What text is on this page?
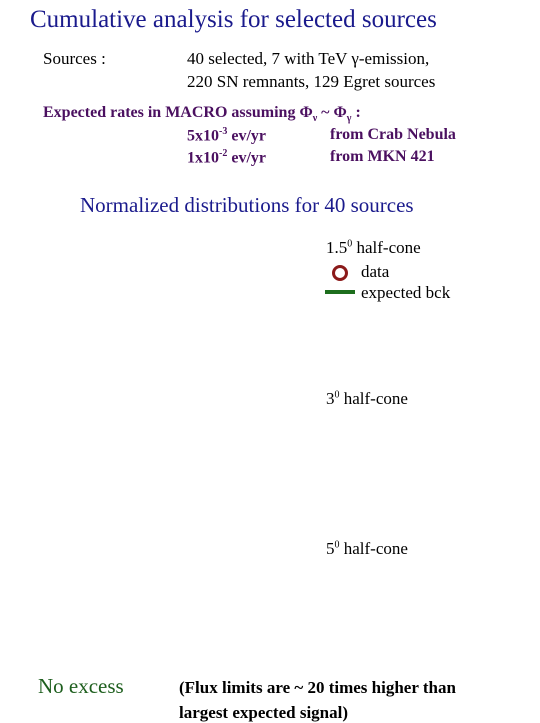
Cumulative analysis for selected sources
Sources :	40 selected, 7 with TeV γ-emission,
220 SN remnants, 129 Egret sources
Expected rates in MACRO assuming $\Phi_\nu$ ~ $\Phi_\gamma$ :
$5x10^{-3}$ ev/yr	from Crab Nebula
$1x10^{-2}$ ev/yr	from MKN 421
Normalized distributions for 40 sources
$1.5^0$ half-cone
data
expected bck
$3^0$ half-cone
$5^0$ half-cone
No excess	(Flux limits are ~ 20 times higher than
largest expected signal)
